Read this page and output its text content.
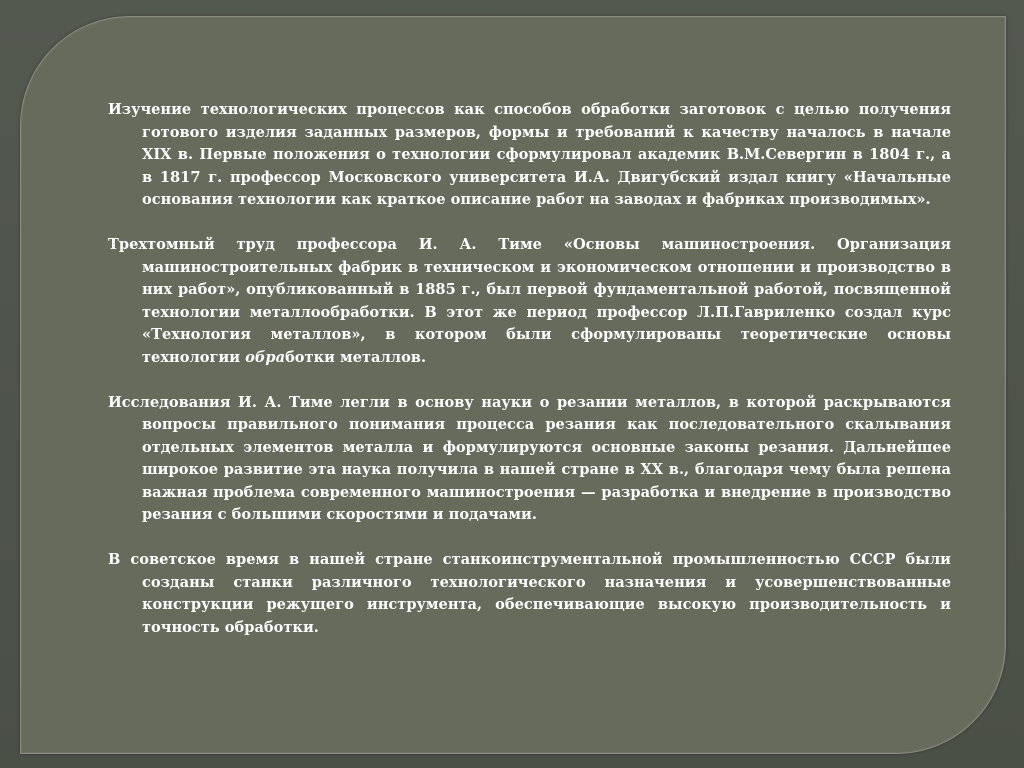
Изучение технологических процессов как способов обработки заготовок с целью получения готового изделия заданных размеров, формы и требований к качеству началось в начале XIX в. Первые положения о технологии сформулировал академик В.М.Севергин в 1804 г., а в 1817 г. профессор Московского университета И.А. Двигубский издал книгу «Начальные основания технологии как краткое описание работ на заводах и фабриках производимых».

Трехтомный труд профессора И. А. Тиме «Основы машиностроения. Организация машиностроительных фабрик в техническом и экономическом отношении и производство в них работ», опубликованный в 1885 г., был первой фундаментальной работой, посвященной технологии металлообработки. В этот же период профессор Л.П.Гавриленко создал курс «Технология металлов», в котором были сформулированы теоретические основы технологии обработки металлов.

Исследования И. А. Тиме легли в основу науки о резании металлов, в которой раскрываются вопросы правильного понимания процесса резания как последовательного скалывания отдельных элементов металла и формулируются основные законы резания. Дальнейшее широкое развитие эта наука получила в нашей стране в XX в., благодаря чему была решена важная проблема современного машиностроения — разработка и внедрение в производство резания с большими скоростями и подачами.

В советское время в нашей стране станкоинструментальной промышленностью СССР были созданы станки различного технологического назначения и усовершенствованные конструкции режущего инструмента, обеспечивающие высокую производительность и точность обработки.
